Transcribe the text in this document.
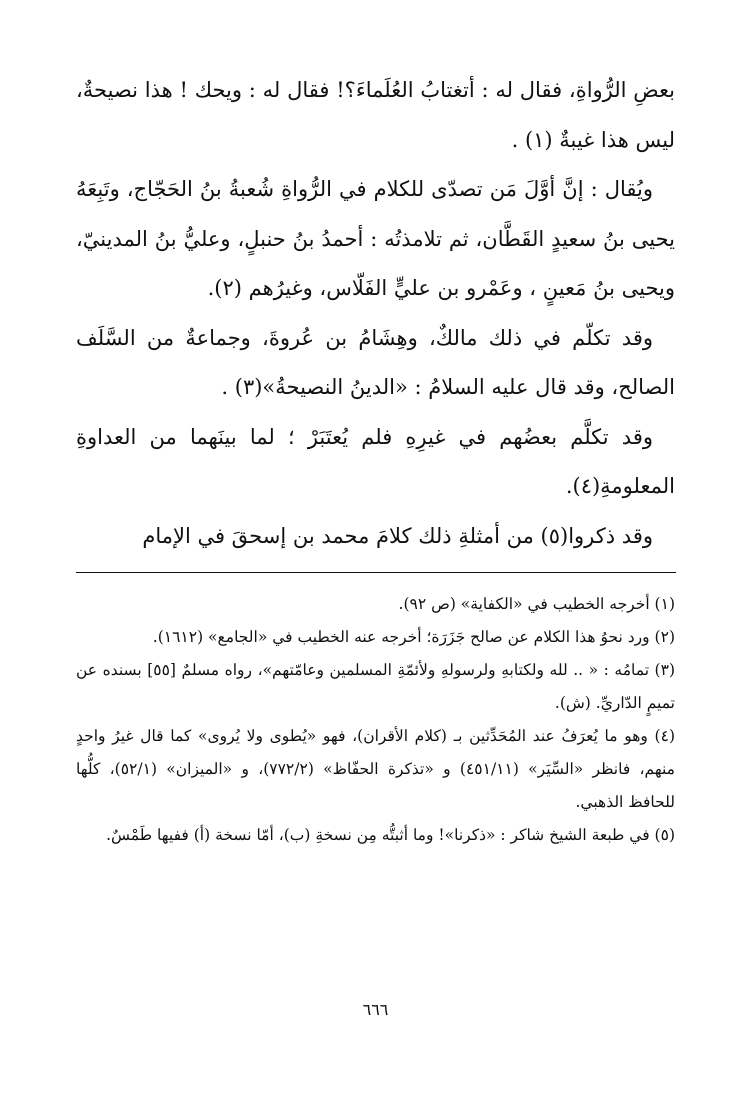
بعضِ الرُّواةِ، فقال له : أتغتابُ العُلَماءَ؟! فقال له : ويحك ! هذا نصيحةٌ، ليس هذا غيبةٌ (١) .

ويُقال : إنَّ أوَّلَ مَن تصدّى للكلام في الرُّواةِ شُعبةُ بنُ الحَجّاج، وتَبِعَهُ يحيى بنُ سعيدٍ القَطَّان، ثم تلامذتُه : أحمدُ بنُ حنبلٍ، وعليُّ بنُ المدينيّ، ويحيى بنُ مَعينٍ ، وعَمْرو بن عليٍّ الفَلّاس، وغيرُهم (٢).

وقد تكلّم في ذلك مالكٌ، وهِشَامُ بن عُروةَ، وجماعةٌ من السَّلَف الصالح، وقد قال عليه السلامُ : «الدينُ النصيحةُ»(٣) .

وقد تكلَّم بعضُهم في غيرِهِ فلم يُعتَبَرْ ؛ لما بينَهما من العداوةِ المعلومةِ(٤).

وقد ذكروا(٥) من أمثلةِ ذلك كلامَ محمد بن إسحقَ في الإمام

(١) أخرجه الخطيب في «الكفاية» (ص ٩٢).

(٢) ورد نحوُ هذا الكلام عن صالح جَزَرَة؛ أخرجه عنه الخطيب في «الجامع» (١٦١٢).

(٣) تمامُه : « .. لله ولكتابهِ ولرسولهِ ولأئمّةِ المسلمين وعامّتهم»، رواه مسلمٌ [٥٥] بسنده عن تميمٍ الدّاريِّ. (ش).

(٤) وهو ما يُعرَفُ عند المُحَدِّثين بـ (كلام الأقران)، فهو «يُطوى ولا يُروى» كما قال غيرُ واحدٍ منهم، فانظر «السِّيَر» (٤٥١/١١) و «تذكرة الحفّاظ» (٧٧٢/٢)، و «الميزان» (٥٢/١)، كلُّها للحافظ الذهبي.

(٥) في طبعة الشيخ شاكر : «ذكرنا»! وما أثبتُّه مِن نسخةِ (ب)، أمّا نسخة (أ) ففيها طَمْسٌ.

٦٦٦
